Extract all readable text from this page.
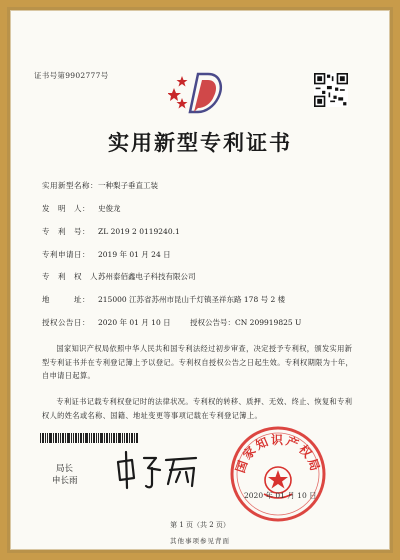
证书号第9902777号
实用新型专利证书
实用新型名称：一种梨子垂直工装
发　明　人： 史俊龙
专　利　号： ZL 2019 2 0119240.1
专利申请日： 2019 年 01 月 24 日
专　利　权　人：苏州泰佰鑫电子科技有限公司
地　　　址： 215000 江苏省苏州市昆山千灯镇圣祥东路 178 号 2 楼
授权公告日： 2020 年 01 月 10 日	授权公告号：CN 209919825 U
国家知识产权局依照中华人民共和国专利法经过初步审查，决定授予专利权，颁发实用新型专利证书并在专利登记簿上予以登记。专利权自授权公告之日起生效。专利权期限为十年，自申请日起算。
专利证书记载专利权登记时的法律状况。专利权的转移、质押、无效、终止、恢复和专利权人的姓名或名称、国籍、地址变更等事项记载在专利登记簿上。
局长
申长雨
国家知识产权局
2020 年 01 月 10 日
第 1 页（共 2 页）
其他事项参见背面
